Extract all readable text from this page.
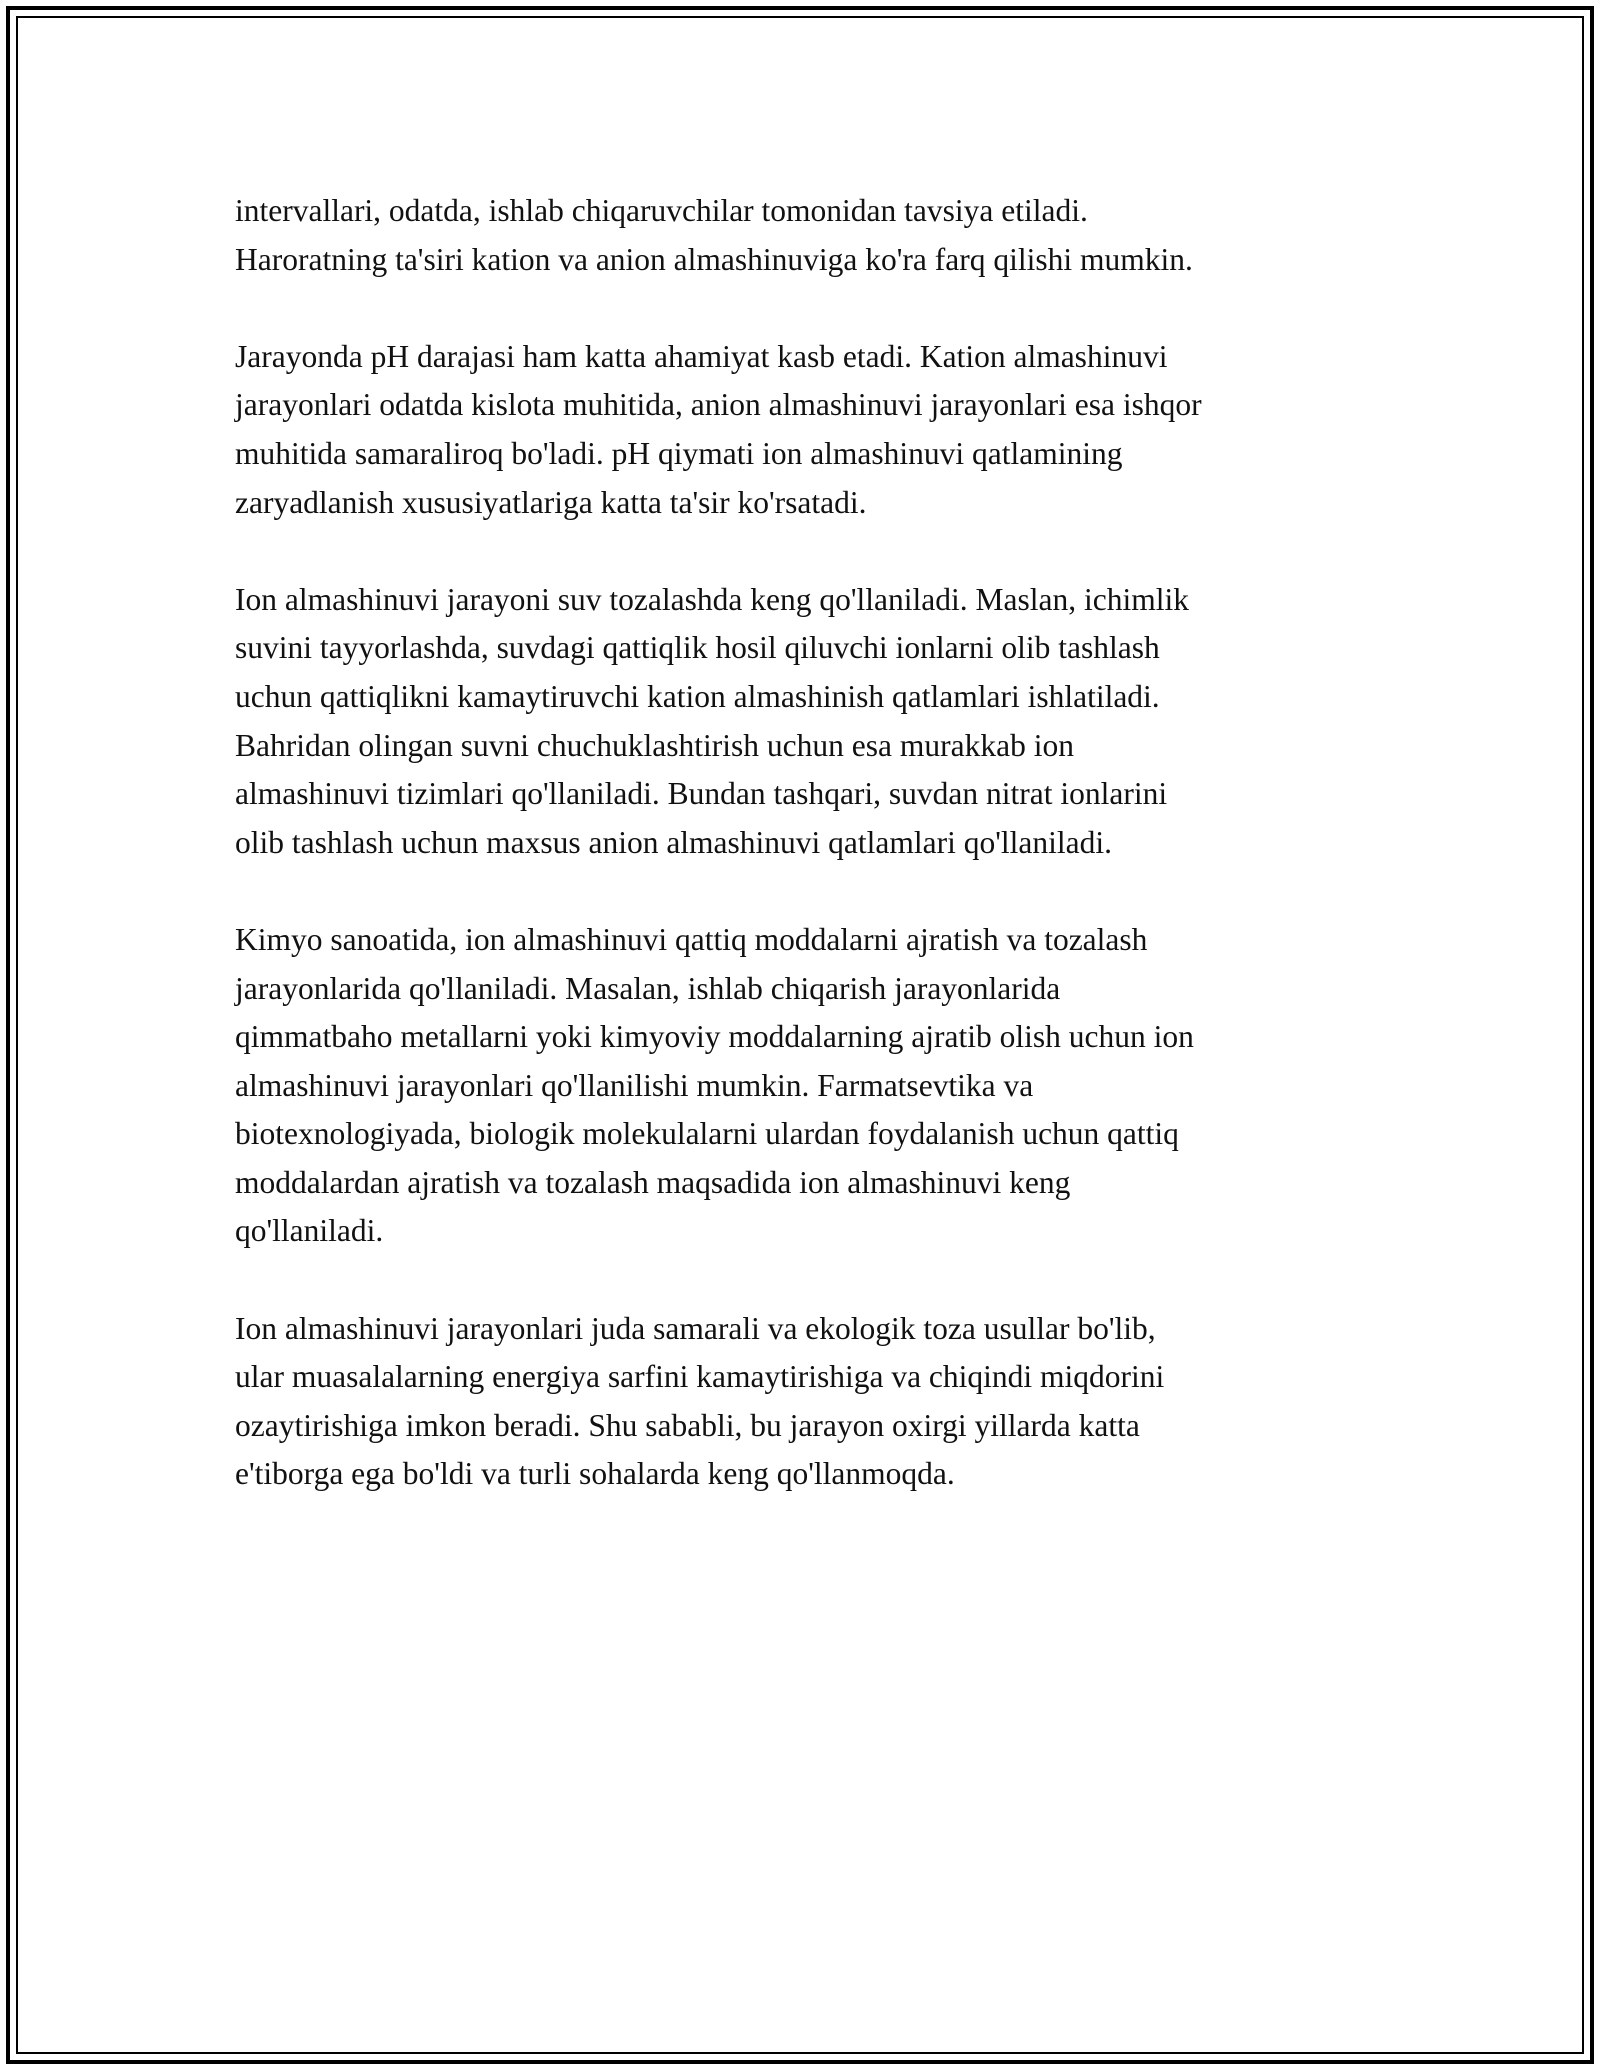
intervallari, odatda, ishlab chiqaruvchilar tomonidan tavsiya etiladi.
Haroratning ta'siri kation va anion almashinuviga ko'ra farq qilishi mumkin.

Jarayonda pH darajasi ham katta ahamiyat kasb etadi. Kation almashinuvi
jarayonlari odatda kislota muhitida, anion almashinuvi jarayonlari esa ishqor
muhitida samaraliroq bo'ladi. pH qiymati ion almashinuvi qatlamining
zaryadlanish xususiyatlariga katta ta'sir ko'rsatadi.

Ion almashinuvi jarayoni suv tozalashda keng qo'llaniladi. Maslan, ichimlik
suvini tayyorlashda, suvdagi qattiqlik hosil qiluvchi ionlarni olib tashlash
uchun qattiqlikni kamaytiruvchi kation almashinish qatlamlari ishlatiladi.
Bahridan olingan suvni chuchuklashtirish uchun esa murakkab ion
almashinuvi tizimlari qo'llaniladi. Bundan tashqari, suvdan nitrat ionlarini
olib tashlash uchun maxsus anion almashinuvi qatlamlari qo'llaniladi.

Kimyo sanoatida, ion almashinuvi qattiq moddalarni ajratish va tozalash
jarayonlarida qo'llaniladi. Masalan, ishlab chiqarish jarayonlarida
qimmatbaho metallarni yoki kimyoviy moddalarning ajratib olish uchun ion
almashinuvi jarayonlari qo'llanilishi mumkin. Farmatsevtika va
biotexnologiyada, biologik molekulalarni ulardan foydalanish uchun qattiq
moddalardan ajratish va tozalash maqsadida ion almashinuvi keng
qo'llaniladi.

Ion almashinuvi jarayonlari juda samarali va ekologik toza usullar bo'lib,
ular muasalalarning energiya sarfini kamaytirishiga va chiqindi miqdorini
ozaytirishiga imkon beradi. Shu sababli, bu jarayon oxirgi yillarda katta
e'tiborga ega bo'ldi va turli sohalarda keng qo'llanmoqda.
